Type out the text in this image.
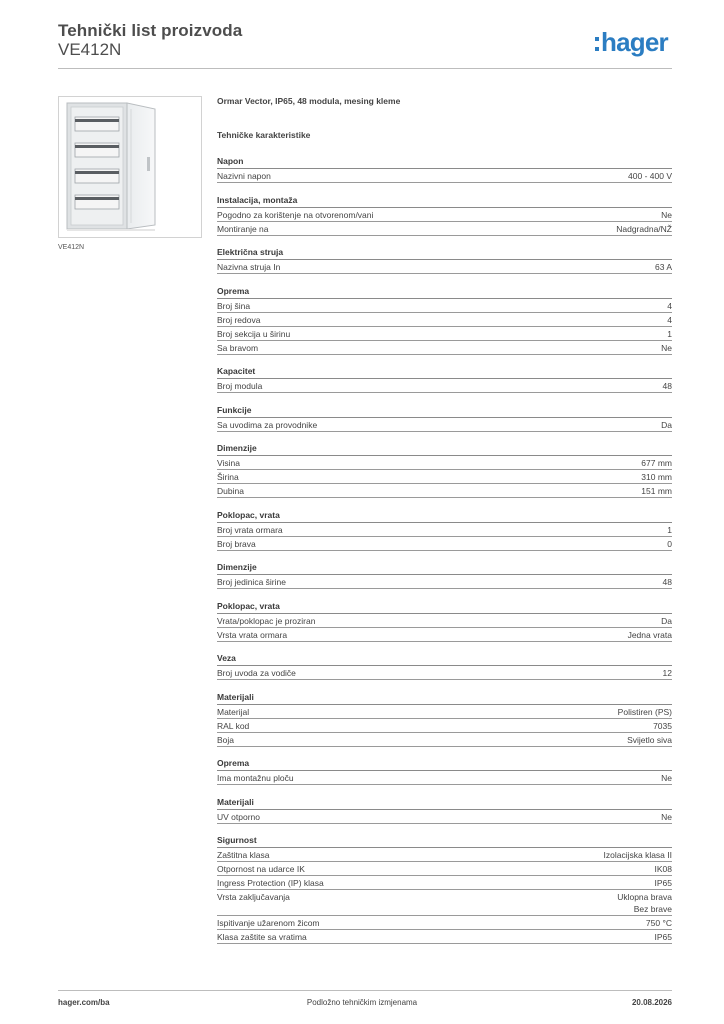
Tehnički list proizvoda
VE412N	hager
VE412N
Ormar Vector, IP65, 48 modula, mesing kleme
Tehničke karakteristike
Napon
Nazivni napon	400 - 400 V
Instalacija, montaža
Pogodno za korištenje na otvorenom/vani	Ne
Montiranje na	Nadgradna/NŽ
Električna struja
Nazivna struja In	63 A
Oprema
Broj šina	4
Broj redova	4
Broj sekcija u širinu	1
Sa bravom	Ne
Kapacitet
Broj modula	48
Funkcije
Sa uvodima za provodnike	Da
Dimenzije
Visina	677 mm
Širina	310 mm
Dubina	151 mm
Poklopac, vrata
Broj vrata ormara	1
Broj brava	0
Dimenzije
Broj jedinica širine	48
Poklopac, vrata
Vrata/poklopac je proziran	Da
Vrsta vrata ormara	Jedna vrata
Veza
Broj uvoda za vodiče	12
Materijali
Materijal	Polistiren (PS)
RAL kod	7035
Boja	Svijetlo siva
Oprema
Ima montažnu ploču	Ne
Materijali
UV otporno	Ne
Sigurnost
Zaštitna klasa	Izolacijska klasa II
Otpornost na udarce IK	IK08
Ingress Protection (IP) klasa	IP65
Vrsta zaključavanja	Uklopna brava
Bez brave
Ispitivanje užarenom žicom	750 °C
Klasa zaštite sa vratima	IP65
hager.com/ba	Podložno tehničkim izmjenama	20.08.2026
